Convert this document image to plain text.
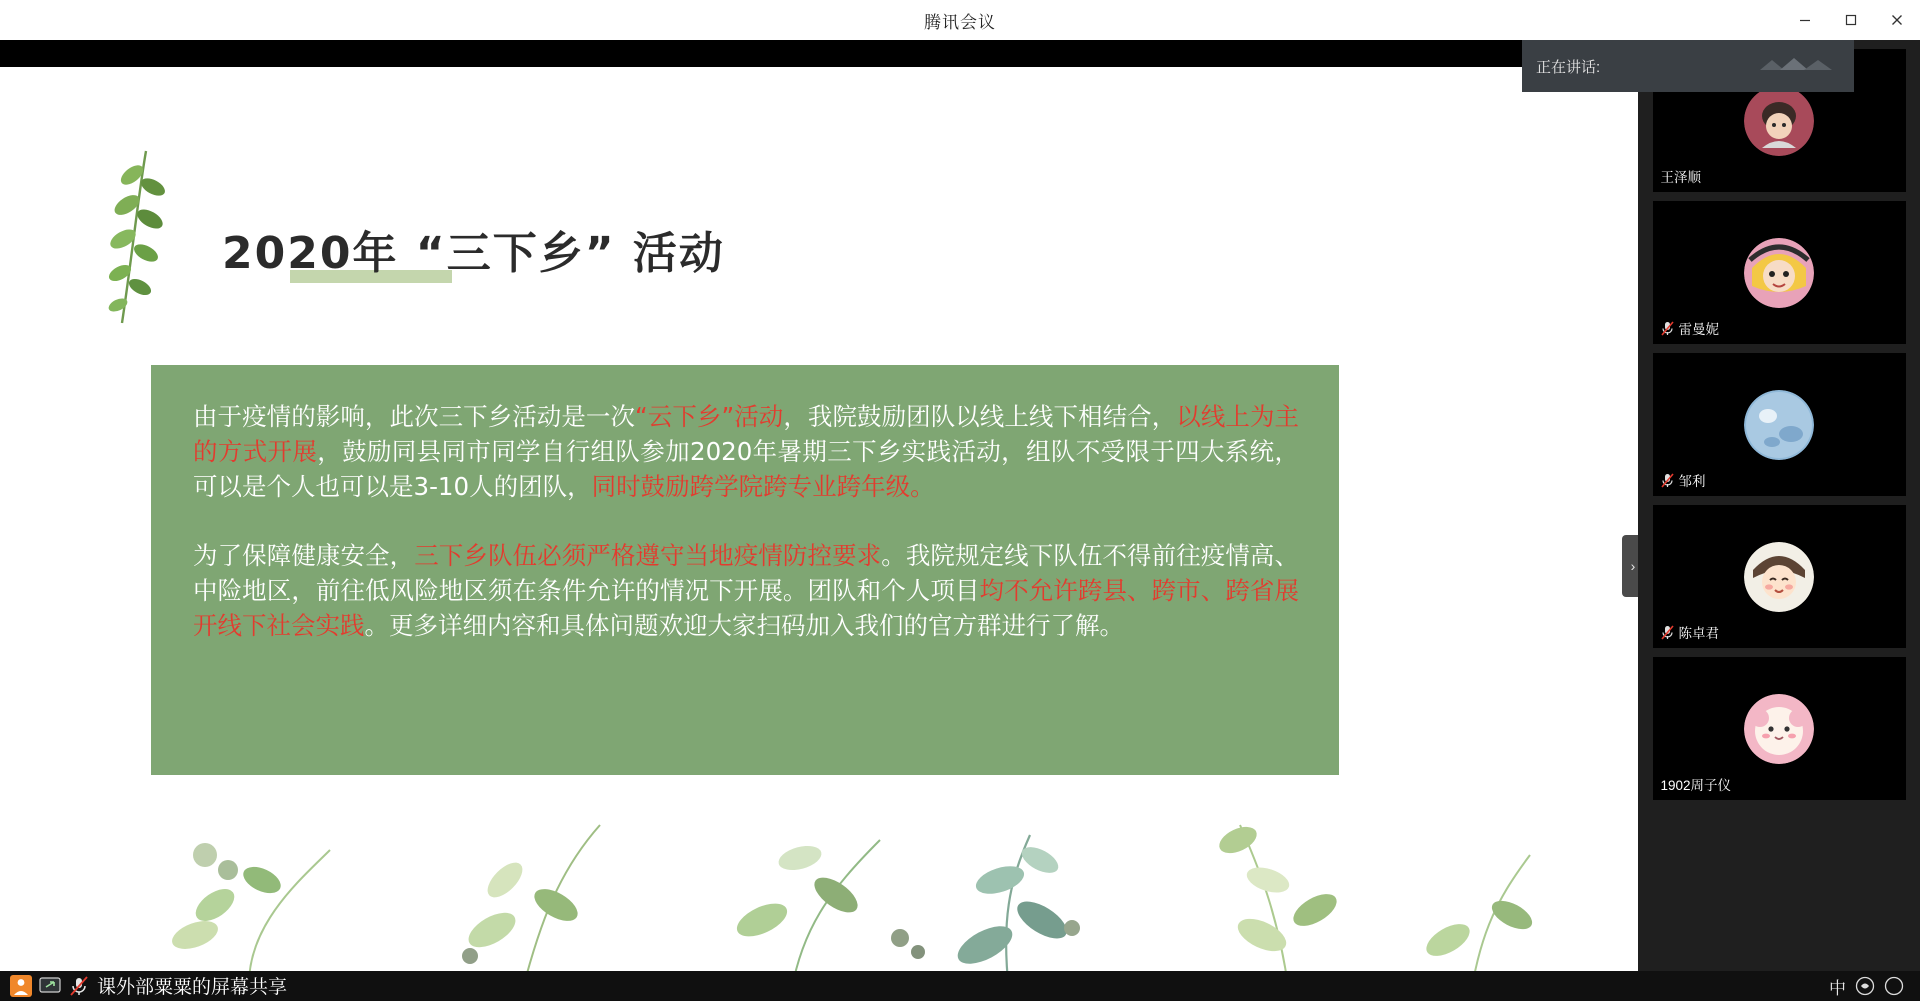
腾讯会议
2020年 “三下乡” 活动

由于疫情的影响，此次三下乡活动是一次“云下乡”活动，我院鼓励团队以线上线下相结合，以线上为主的方式开展，鼓励同县同市同学自行组队参加2020年暑期三下乡实践活动，组队不受限于四大系统，可以是个人也可以是3-10人的团队，同时鼓励跨学院跨专业跨年级。

为了保障健康安全，三下乡队伍必须严格遵守当地疫情防控要求。我院规定线下队伍不得前往疫情高、中险地区，前往低风险地区须在条件允许的情况下开展。团队和个人项目均不允许跨县、跨市、跨省展开线下社会实践。更多详细内容和具体问题欢迎大家扫码加入我们的官方群进行了解。

›
正在讲话:
王泽顺
雷曼妮
邹利
陈卓君
1902周子仪
课外部粟粟的屏幕共享	中
